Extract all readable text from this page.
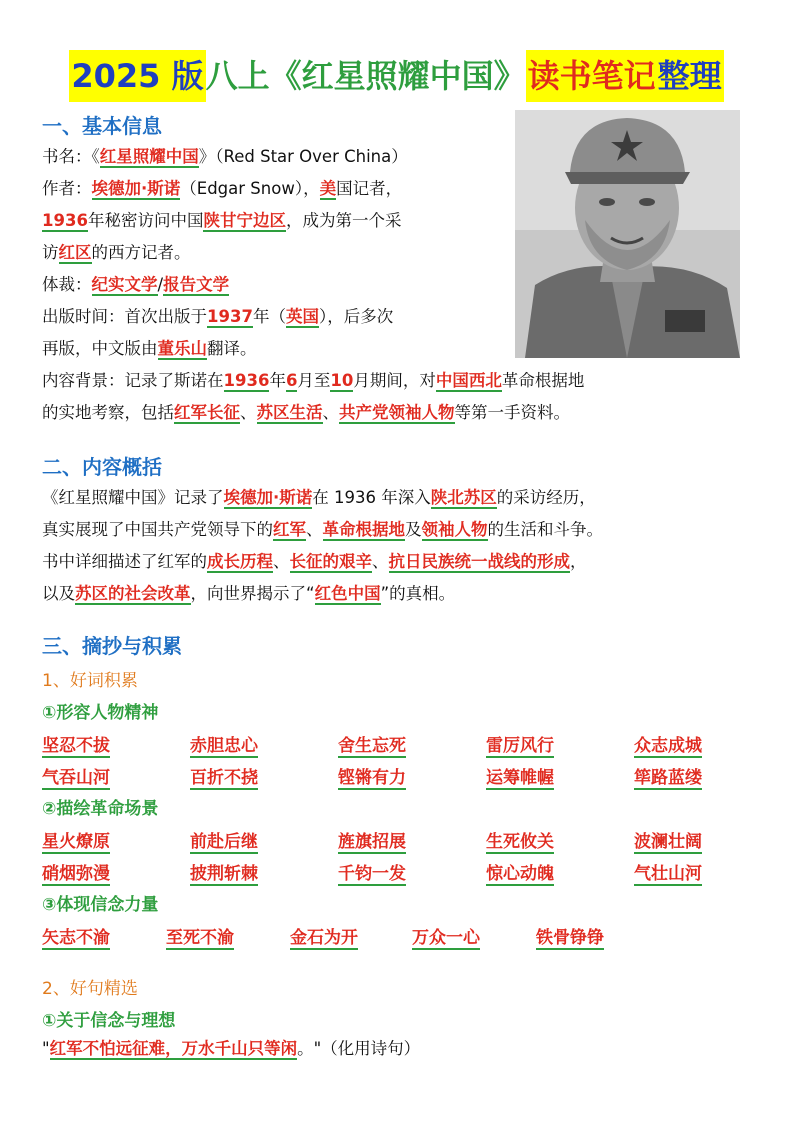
2025 版八上《红星照耀中国》读书笔记整理
一、基本信息
书名：《红星照耀中国》（Red Star Over China）
作者：埃德加·斯诺（Edgar Snow），美国记者，
1936年秘密访问中国陕甘宁边区，成为第一个采
访红区的西方记者。
体裁：纪实文学/报告文学
出版时间：首次出版于1937年（英国），后多次
再版，中文版由董乐山翻译。
内容背景：记录了斯诺在1936年6月至10月期间，对中国西北革命根据地
的实地考察，包括红军长征、苏区生活、共产党领袖人物等第一手资料。
二、内容概括
《红星照耀中国》记录了埃德加·斯诺在 1936 年深入陕北苏区的采访经历，
真实展现了中国共产党领导下的红军、革命根据地及领袖人物的生活和斗争。
书中详细描述了红军的成长历程、长征的艰辛、抗日民族统一战线的形成，
以及苏区的社会改革，向世界揭示了“红色中国”的真相。
三、摘抄与积累
1、好词积累
①形容人物精神
坚忍不拔	赤胆忠心	舍生忘死	雷厉风行	众志成城
气吞山河	百折不挠	铿锵有力	运筹帷幄	筚路蓝缕
②描绘革命场景
星火燎原	前赴后继	旌旗招展	生死攸关	波澜壮阔
硝烟弥漫	披荆斩棘	千钧一发	惊心动魄	气壮山河
③体现信念力量
矢志不渝	至死不渝	金石为开	万众一心	铁骨铮铮
2、好句精选
①关于信念与理想
"红军不怕远征难，万水千山只等闲。"（化用诗句）
